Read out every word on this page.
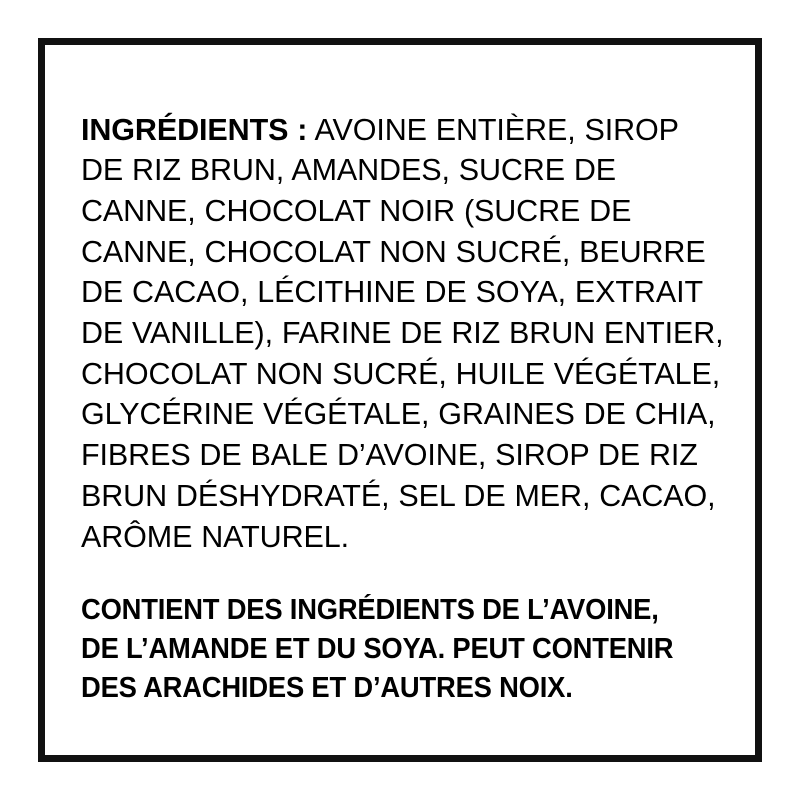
INGRÉDIENTS : AVOINE ENTIÈRE, SIROP DE RIZ BRUN, AMANDES, SUCRE DE CANNE, CHOCOLAT NOIR (SUCRE DE CANNE, CHOCOLAT NON SUCRÉ, BEURRE DE CACAO, LÉCITHINE DE SOYA, EXTRAIT DE VANILLE), FARINE DE RIZ BRUN ENTIER, CHOCOLAT NON SUCRÉ, HUILE VÉGÉTALE, GLYCÉRINE VÉGÉTALE, GRAINES DE CHIA, FIBRES DE BALE D’AVOINE, SIROP DE RIZ BRUN DÉSHYDRATÉ, SEL DE MER, CACAO, ARÔME NATUREL.

CONTIENT DES INGRÉDIENTS DE L’AVOINE, DE L’AMANDE ET DU SOYA. PEUT CONTENIR DES ARACHIDES ET D’AUTRES NOIX.
